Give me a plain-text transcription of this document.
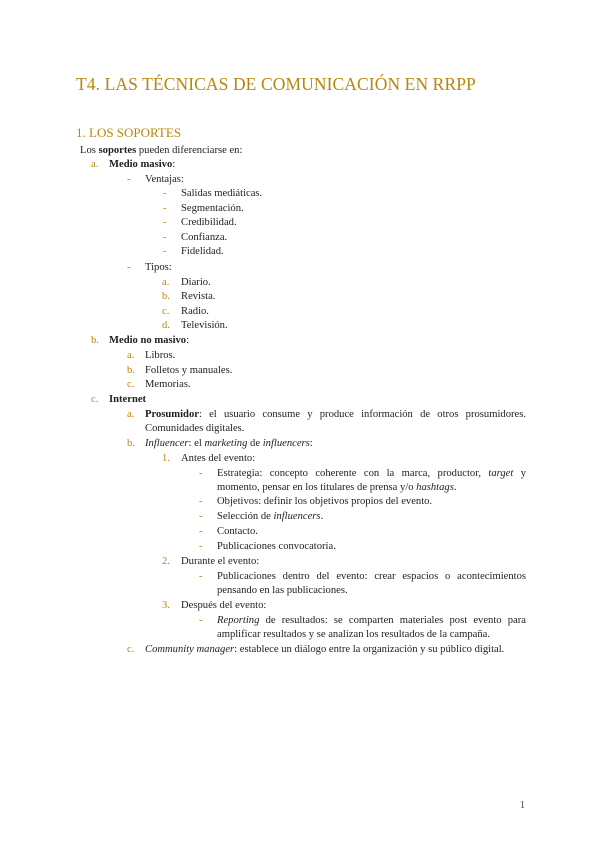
T4. LAS TÉCNICAS DE COMUNICACIÓN EN RRPP
1. LOS SOPORTES
Los soportes pueden diferenciarse en:
a. Medio masivo:
- Ventajas:
- Salidas mediáticas.
- Segmentación.
- Credibilidad.
- Confianza.
- Fidelidad.
- Tipos:
a. Diario.
b. Revista.
c. Radio.
d. Televisión.
b. Medio no masivo:
a. Libros.
b. Folletos y manuales.
c. Memorias.
c. Internet
a. Prosumidor: el usuario consume y produce información de otros prosumidores.
Comunidades digitales.
b. Influencer: el marketing de influencers:
1. Antes del evento:
- Estrategia: concepto coherente con la marca, productor, target y
momento, pensar en los titulares de prensa y/o hashtags.
- Objetivos: definir los objetivos propios del evento.
- Selección de influencers.
- Contacto.
- Publicaciones convocatoria.
2. Durante el evento:
- Publicaciones dentro del evento: crear espacios o acontecimientos
pensando en las publicaciones.
3. Después del evento:
- Reporting de resultados: se comparten materiales post evento para
amplificar resultados y se analizan los resultados de la campaña.
c. Community manager: establece un diálogo entre la organización y su público digital.
1
